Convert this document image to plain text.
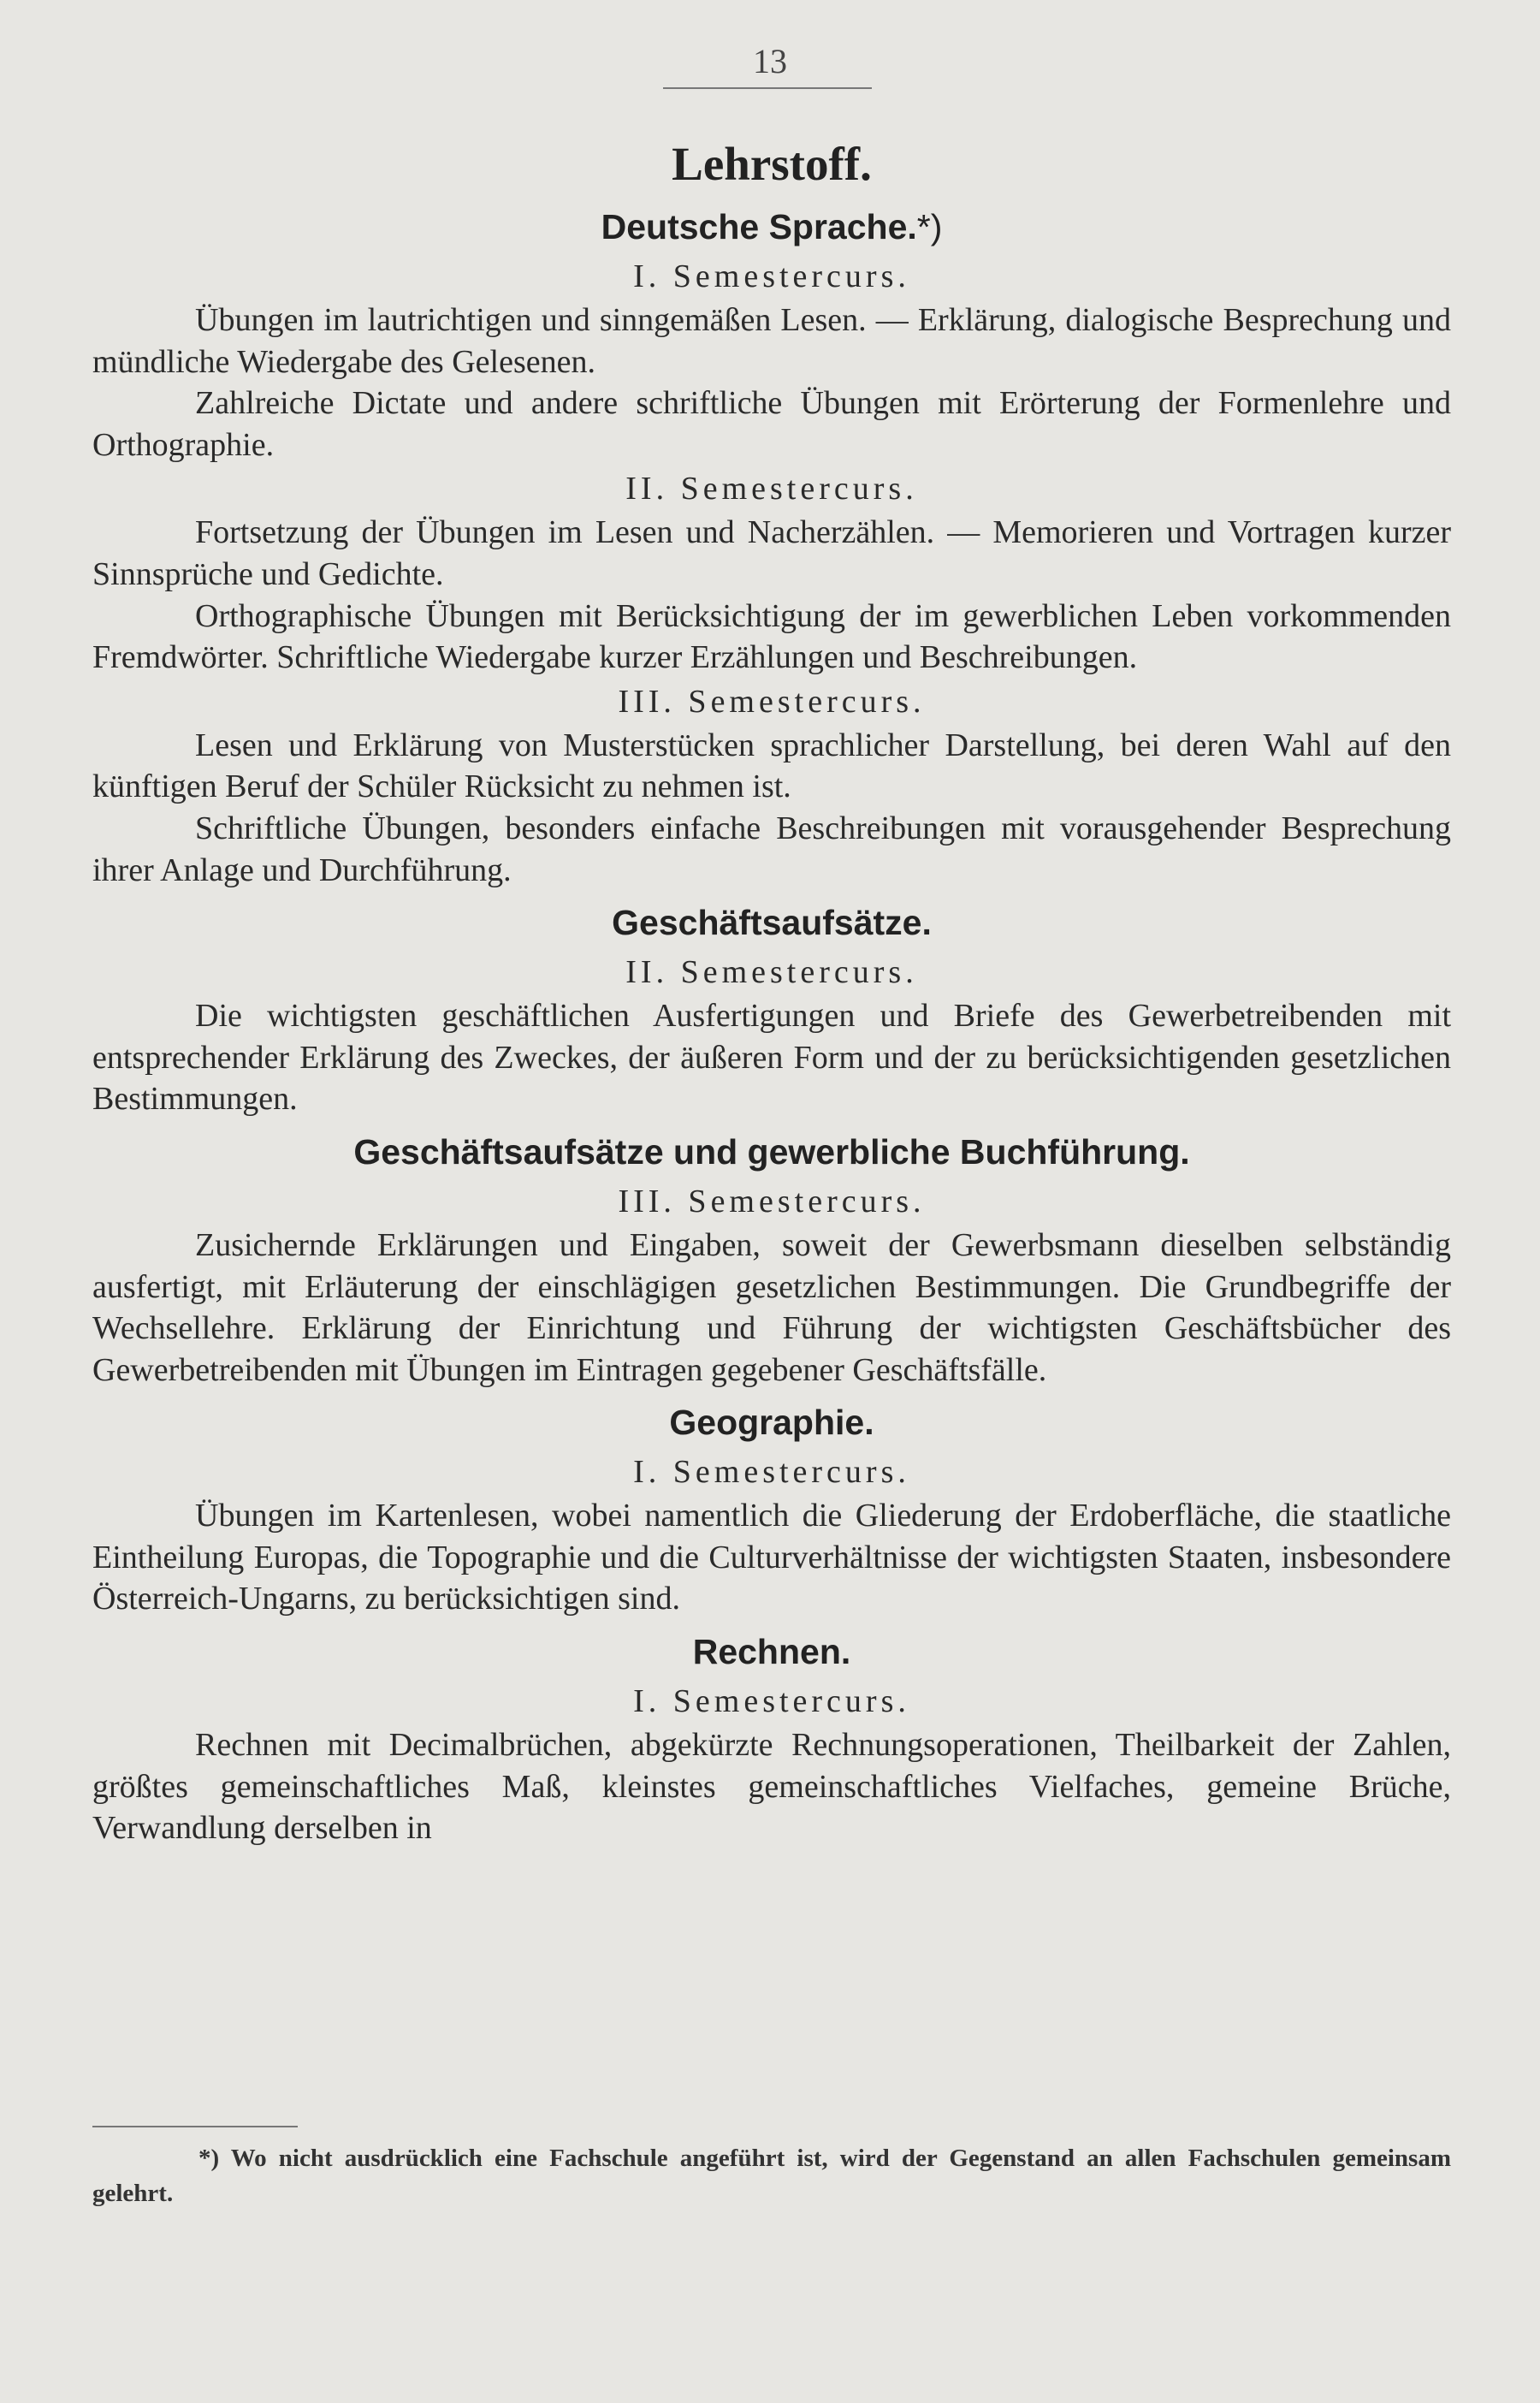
13
Lehrstoff.
Deutsche Sprache.*)
I. Semestercurs.

Übungen im lautrichtigen und sinngemäßen Lesen. — Erklärung, dialogische Besprechung und mündliche Wiedergabe des Gelesenen.

Zahlreiche Dictate und andere schriftliche Übungen mit Erörterung der Formenlehre und Orthographie.

II. Semestercurs.

Fortsetzung der Übungen im Lesen und Nacherzählen. — Memorieren und Vortragen kurzer Sinnsprüche und Gedichte.

Orthographische Übungen mit Berücksichtigung der im gewerblichen Leben vorkommenden Fremdwörter. Schriftliche Wiedergabe kurzer Erzählungen und Beschreibungen.

III. Semestercurs.

Lesen und Erklärung von Musterstücken sprachlicher Darstellung, bei deren Wahl auf den künftigen Beruf der Schüler Rücksicht zu nehmen ist.

Schriftliche Übungen, besonders einfache Beschreibungen mit vorausgehender Besprechung ihrer Anlage und Durchführung.

Geschäftsaufsätze.
II. Semestercurs.

Die wichtigsten geschäftlichen Ausfertigungen und Briefe des Gewerbetreibenden mit entsprechender Erklärung des Zweckes, der äußeren Form und der zu berücksichtigenden gesetzlichen Bestimmungen.

Geschäftsaufsätze und gewerbliche Buchführung.
III. Semestercurs.

Zusichernde Erklärungen und Eingaben, soweit der Gewerbsmann dieselben selbständig ausfertigt, mit Erläuterung der einschlägigen gesetzlichen Bestimmungen. Die Grundbegriffe der Wechsellehre. Erklärung der Einrichtung und Führung der wichtigsten Geschäftsbücher des Gewerbetreibenden mit Übungen im Eintragen gegebener Geschäftsfälle.

Geographie.
I. Semestercurs.

Übungen im Kartenlesen, wobei namentlich die Gliederung der Erdoberfläche, die staatliche Eintheilung Europas, die Topographie und die Culturverhältnisse der wichtigsten Staaten, insbesondere Österreich-Ungarns, zu berücksichtigen sind.

Rechnen.
I. Semestercurs.

Rechnen mit Decimalbrüchen, abgekürzte Rechnungsoperationen, Theilbarkeit der Zahlen, größtes gemeinschaftliches Maß, kleinstes gemeinschaftliches Vielfaches, gemeine Brüche, Verwandlung derselben in

*) Wo nicht ausdrücklich eine Fachschule angeführt ist, wird der Gegenstand an allen Fachschulen gemeinsam gelehrt.
